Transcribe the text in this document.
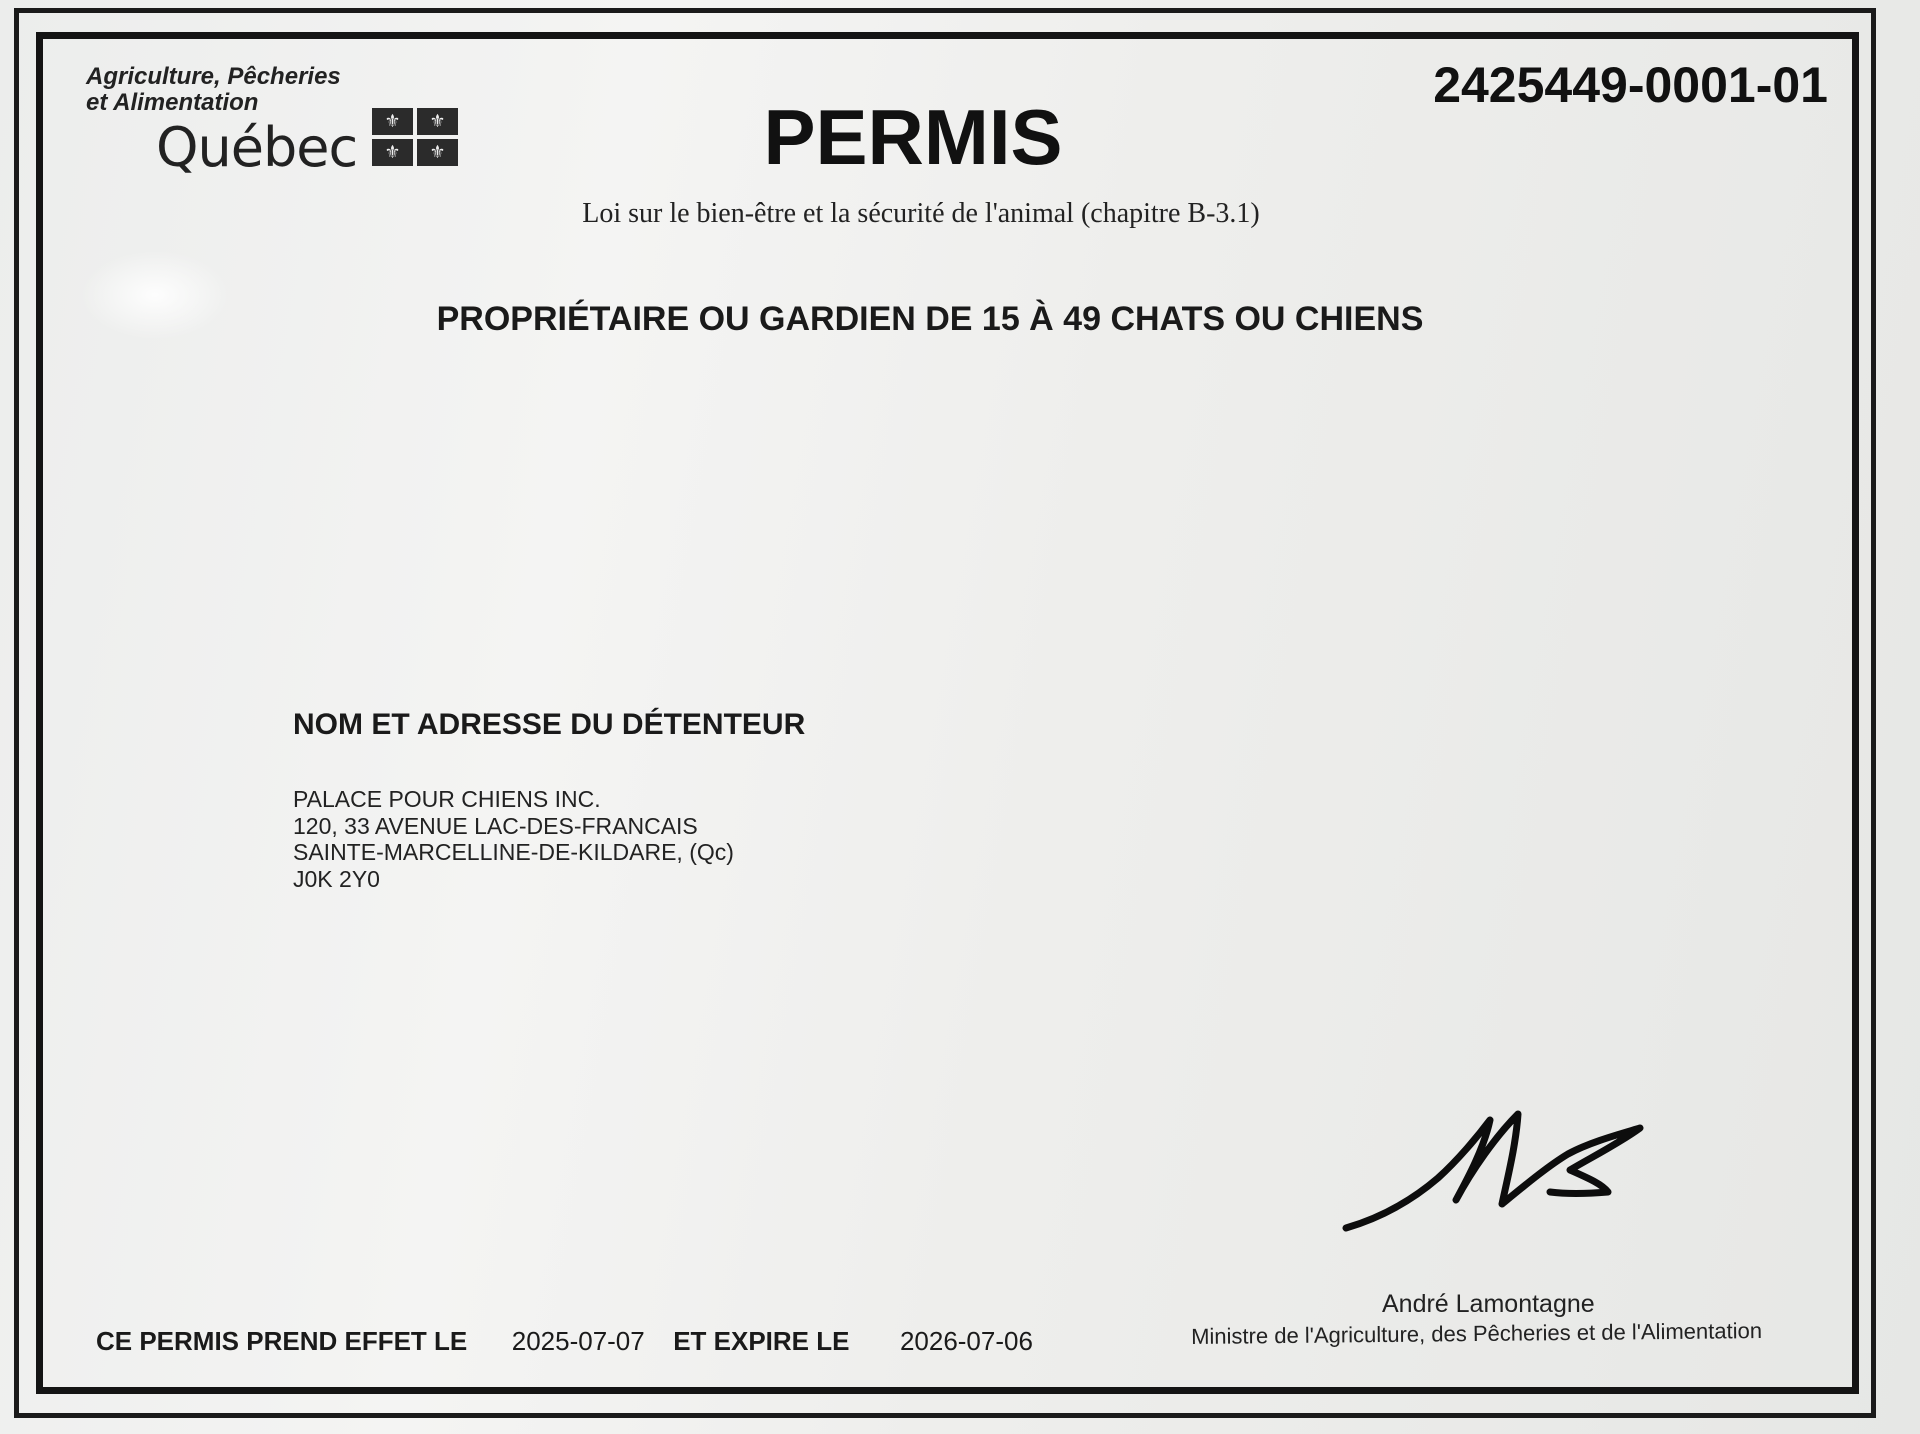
Agriculture, Pêcheries
et Alimentation
Québec	⚜	⚜
⚜	⚜
2425449-0001-01
PERMIS
Loi sur le bien-être et la sécurité de l'animal (chapitre B-3.1)
PROPRIÉTAIRE OU GARDIEN DE 15 À 49 CHATS OU CHIENS
NOM ET ADRESSE DU DÉTENTEUR
PALACE POUR CHIENS INC.
120, 33 AVENUE LAC-DES-FRANCAIS
SAINTE-MARCELLINE-DE-KILDARE, (Qc)
J0K 2Y0
André Lamontagne
Ministre de l'Agriculture, des Pêcheries et de l'Alimentation
CE PERMIS PREND EFFET LE 2025-07-07 ET EXPIRE LE 2026-07-06
